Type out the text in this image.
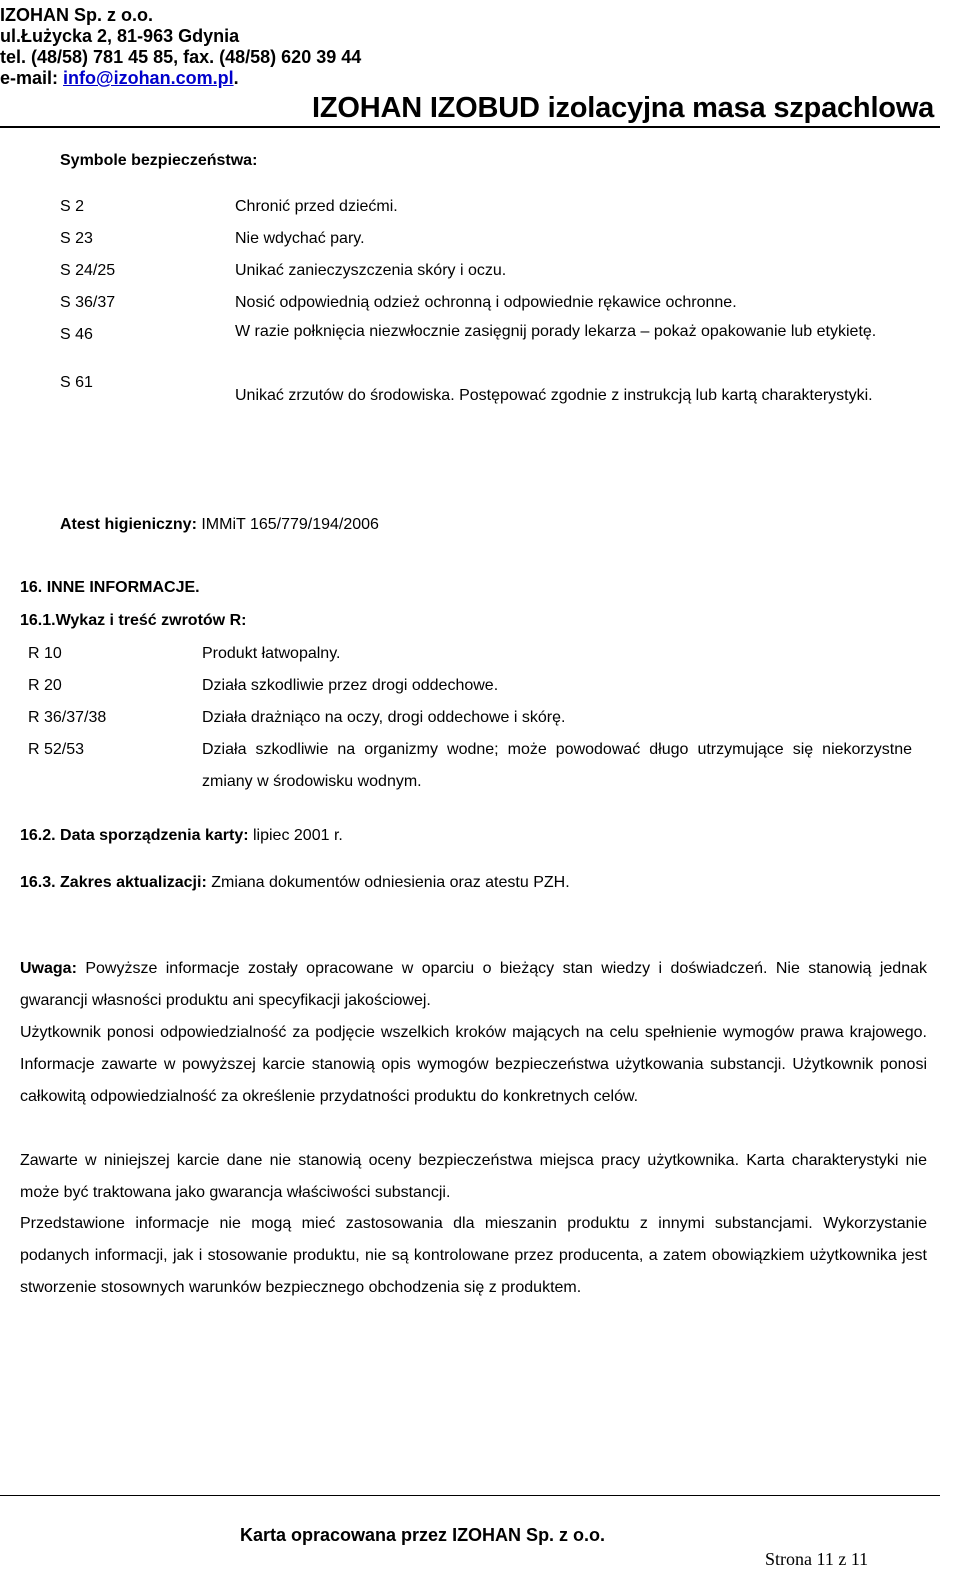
IZOHAN Sp. z o.o.
ul.Łużycka 2, 81-963 Gdynia
tel. (48/58) 781 45 85, fax. (48/58) 620 39 44
e-mail: info@izohan.com.pl.
IZOHAN IZOBUD izolacyjna masa szpachlowa
Symbole bezpieczeństwa:
S 2
S 23
S 24/25
S 36/37
S 46
S 61
Chronić przed dziećmi.
Nie wdychać pary.
Unikać zanieczyszczenia skóry i oczu.
Nosić odpowiednią odzież ochronną i odpowiednie rękawice ochronne.
W razie połknięcia niezwłocznie zasięgnij porady lekarza – pokaż opakowanie lub etykietę.
Unikać zrzutów do środowiska. Postępować zgodnie z instrukcją lub kartą charakterystyki.
Atest higieniczny: IMMiT 165/779/194/2006
16. INNE INFORMACJE.
16.1.Wykaz i treść zwrotów R:
R 10
R 20
R 36/37/38
R 52/53
Produkt łatwopalny.
Działa szkodliwie przez drogi oddechowe.
Działa drażniąco na oczy, drogi oddechowe i skórę.
Działa szkodliwie na organizmy wodne; może powodować długo utrzymujące się niekorzystne zmiany w środowisku wodnym.
16.2. Data sporządzenia karty: lipiec 2001 r.
16.3. Zakres aktualizacji: Zmiana dokumentów odniesienia oraz atestu PZH.
Uwaga: Powyższe informacje zostały opracowane w oparciu o bieżący stan wiedzy i doświadczeń. Nie stanowią jednak gwarancji własności produktu ani specyfikacji jakościowej.
Użytkownik ponosi odpowiedzialność za podjęcie wszelkich kroków mających na celu spełnienie wymogów prawa krajowego. Informacje zawarte w powyższej karcie stanowią opis wymogów bezpieczeństwa użytkowania substancji. Użytkownik ponosi całkowitą odpowiedzialność za określenie przydatności produktu do konkretnych celów.
Zawarte w niniejszej karcie dane nie stanowią oceny bezpieczeństwa miejsca pracy użytkownika. Karta charakterystyki nie może być traktowana jako gwarancja właściwości substancji.
Przedstawione informacje nie mogą mieć zastosowania dla mieszanin produktu z innymi substancjami. Wykorzystanie podanych informacji, jak i stosowanie produktu, nie są kontrolowane przez producenta, a zatem obowiązkiem użytkownika jest stworzenie stosownych warunków bezpiecznego obchodzenia się z produktem.
Karta opracowana przez IZOHAN Sp. z o.o.
Strona 11 z 11
